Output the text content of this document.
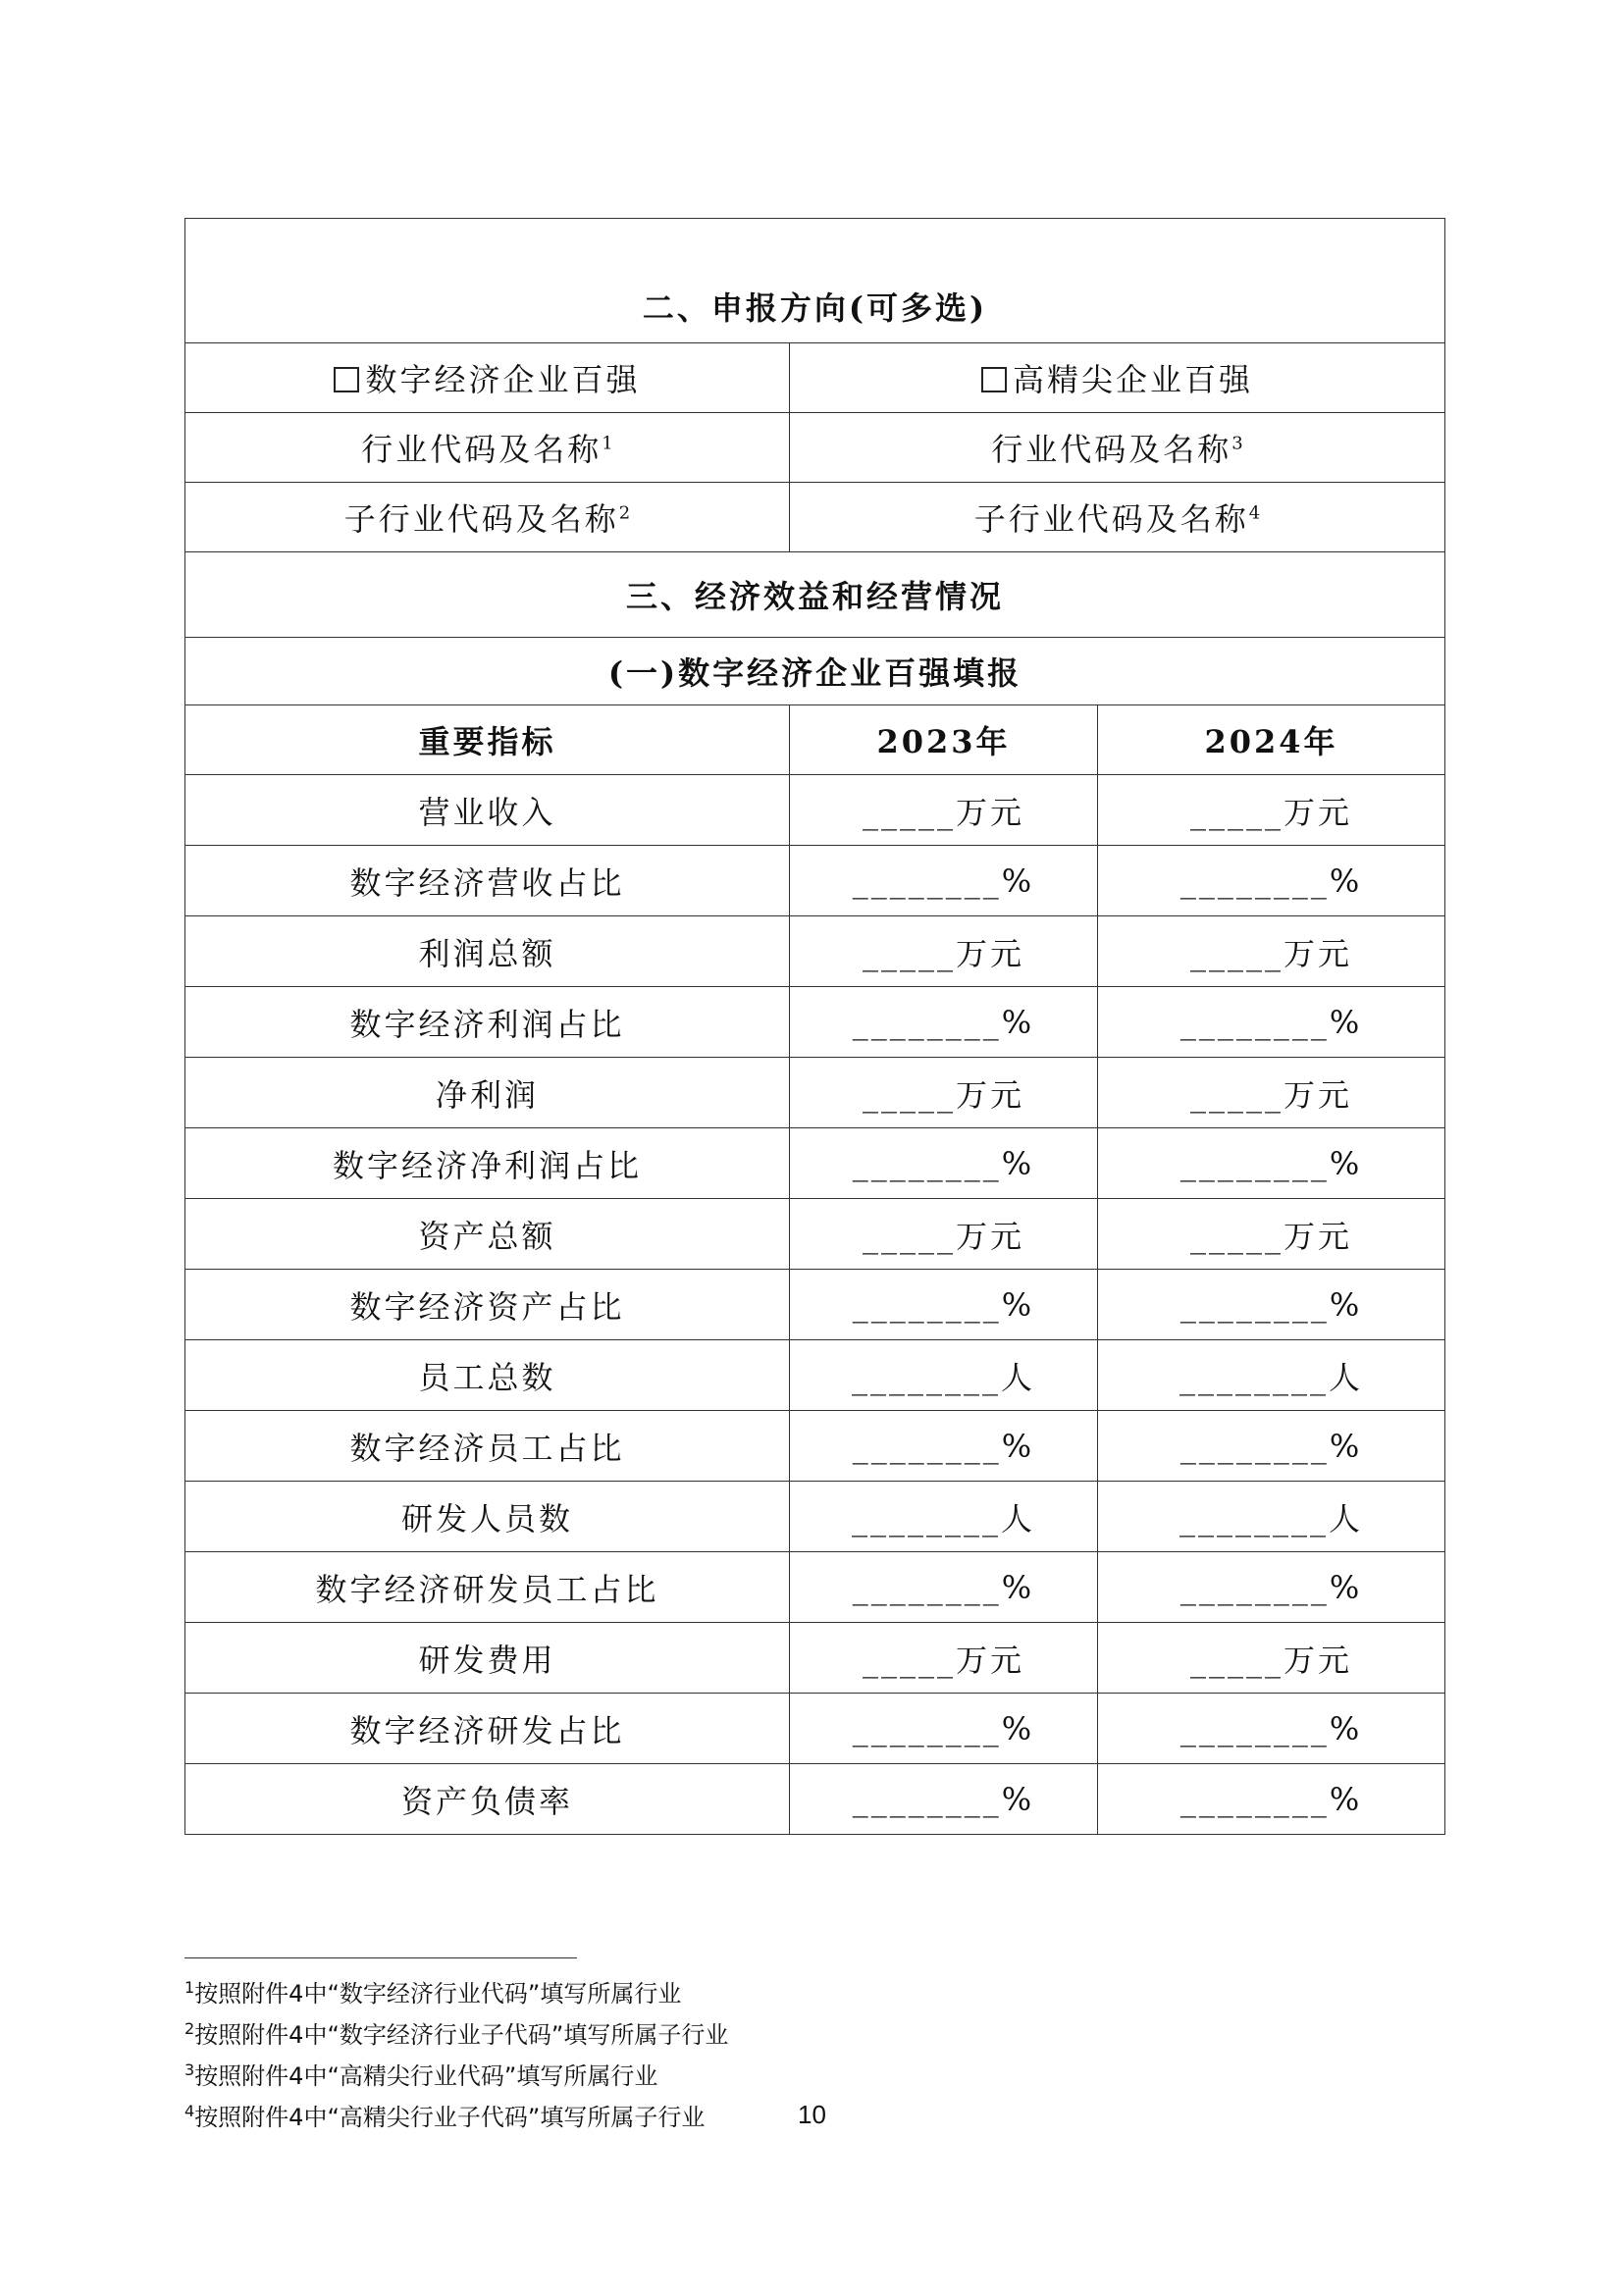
二、申报方向(可多选)		
数字经济企业百强	高精尖企业百强	
行业代码及名称$^1$	行业代码及名称$^3$
子行业代码及名称$^2$	子行业代码及名称$^4$
三、经济效益和经营情况		
(一)数字经济企业百强填报		
重要指标	2023年	2024年
营业收入	_____万元	_____万元
数字经济营收占比	________%	________%
利润总额	_____万元	_____万元
数字经济利润占比	________%	________%
净利润	_____万元	_____万元
数字经济净利润占比	________%	________%
资产总额	_____万元	_____万元
数字经济资产占比	________%	________%
员工总数	________人	________人
数字经济员工占比	________%	________%
研发人员数	________人	________人
数字经济研发员工占比	________%	________%
研发费用	_____万元	_____万元
数字经济研发占比	________%	________%
资产负债率	________%	________%
$^1$按照附件4中“数字经济行业代码”填写所属行业
$^2$按照附件4中“数字经济行业子代码”填写所属子行业
$^3$按照附件4中“高精尖行业代码”填写所属行业
$^4$按照附件4中“高精尖行业子代码”填写所属子行业	10
